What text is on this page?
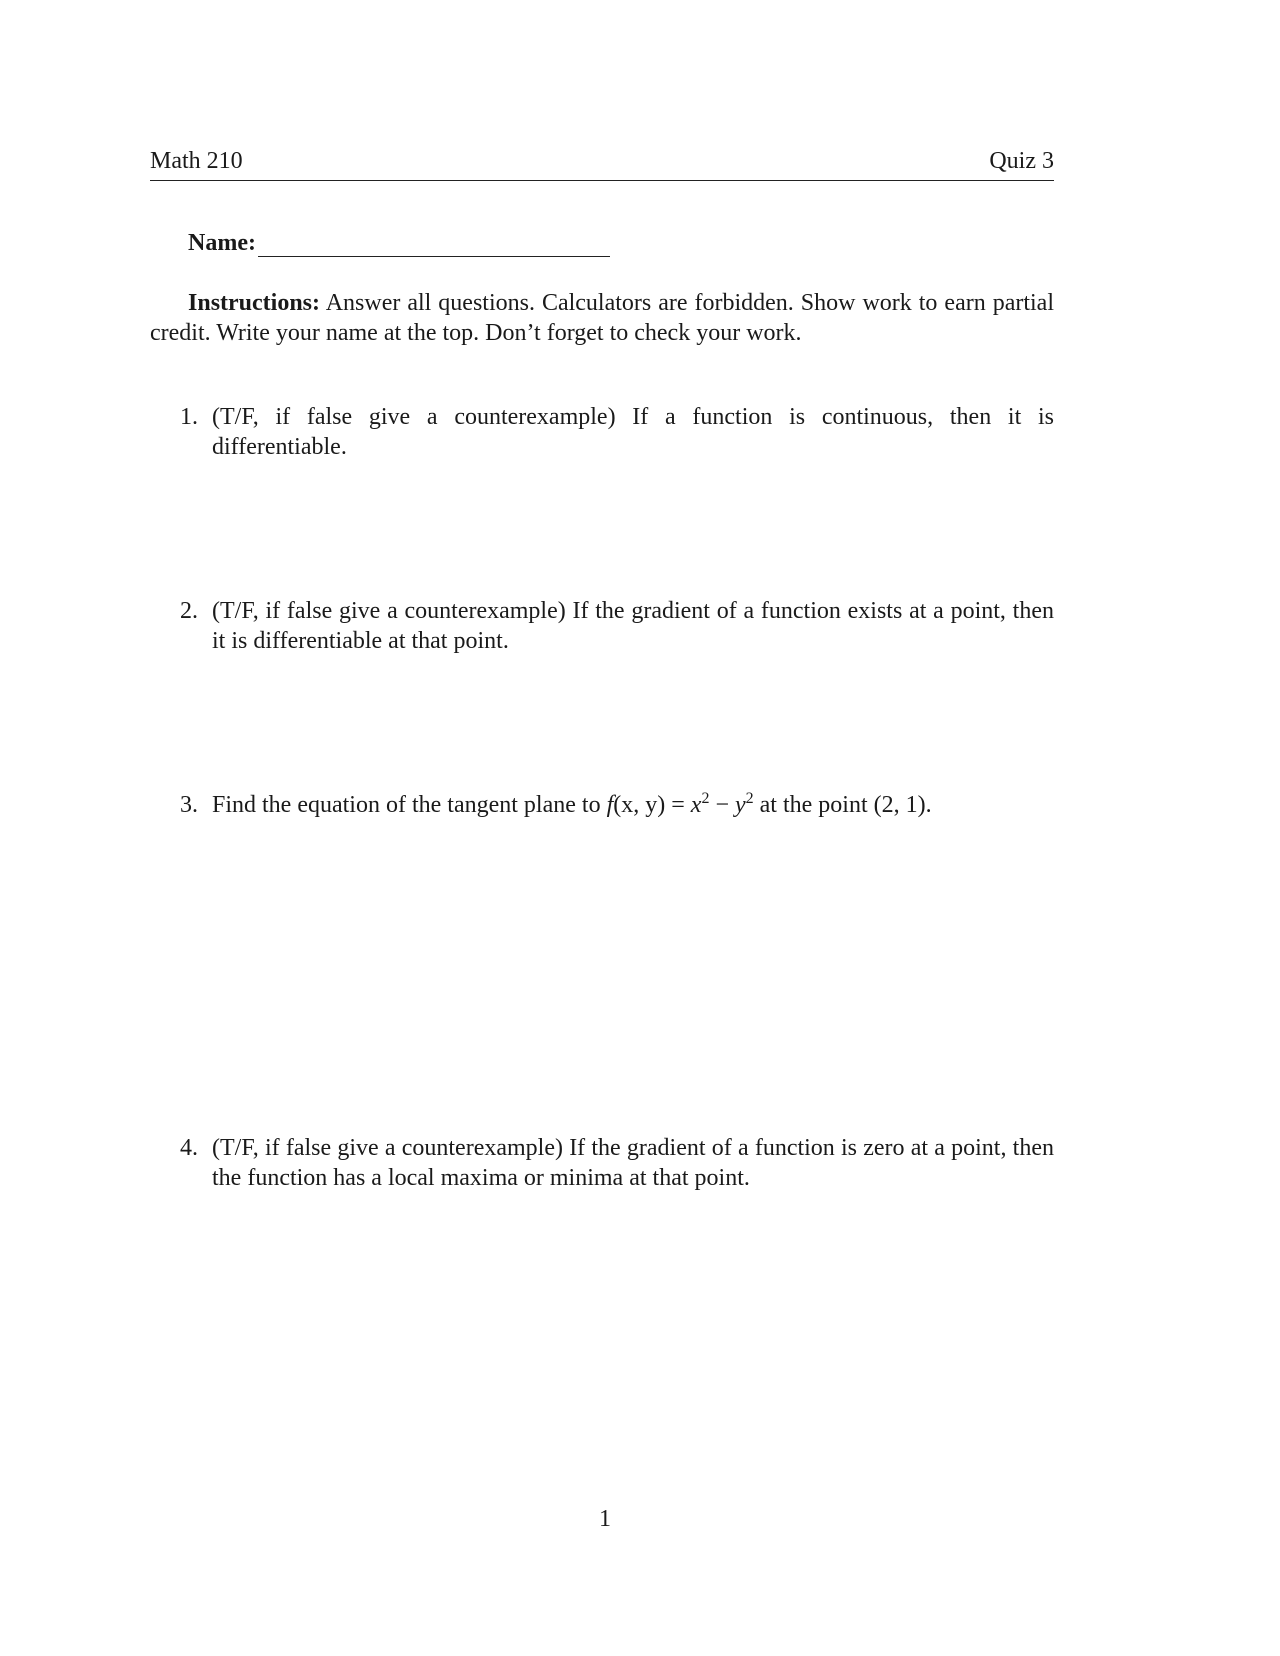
Math 210	Quiz 3
Name:
Instructions: Answer all questions. Calculators are forbidden. Show work to earn partial credit. Write your name at the top. Don’t forget to check your work.
1. (T/F, if false give a counterexample) If a function is continuous, then it is differentiable.
2. (T/F, if false give a counterexample) If the gradient of a function exists at a point, then it is differentiable at that point.
3. Find the equation of the tangent plane to f(x, $y) = x^2 - y^2$ at the point (2, 1).
4. (T/F, if false give a counterexample) If the gradient of a function is zero at a point, then the function has a local maxima or minima at that point.
1
